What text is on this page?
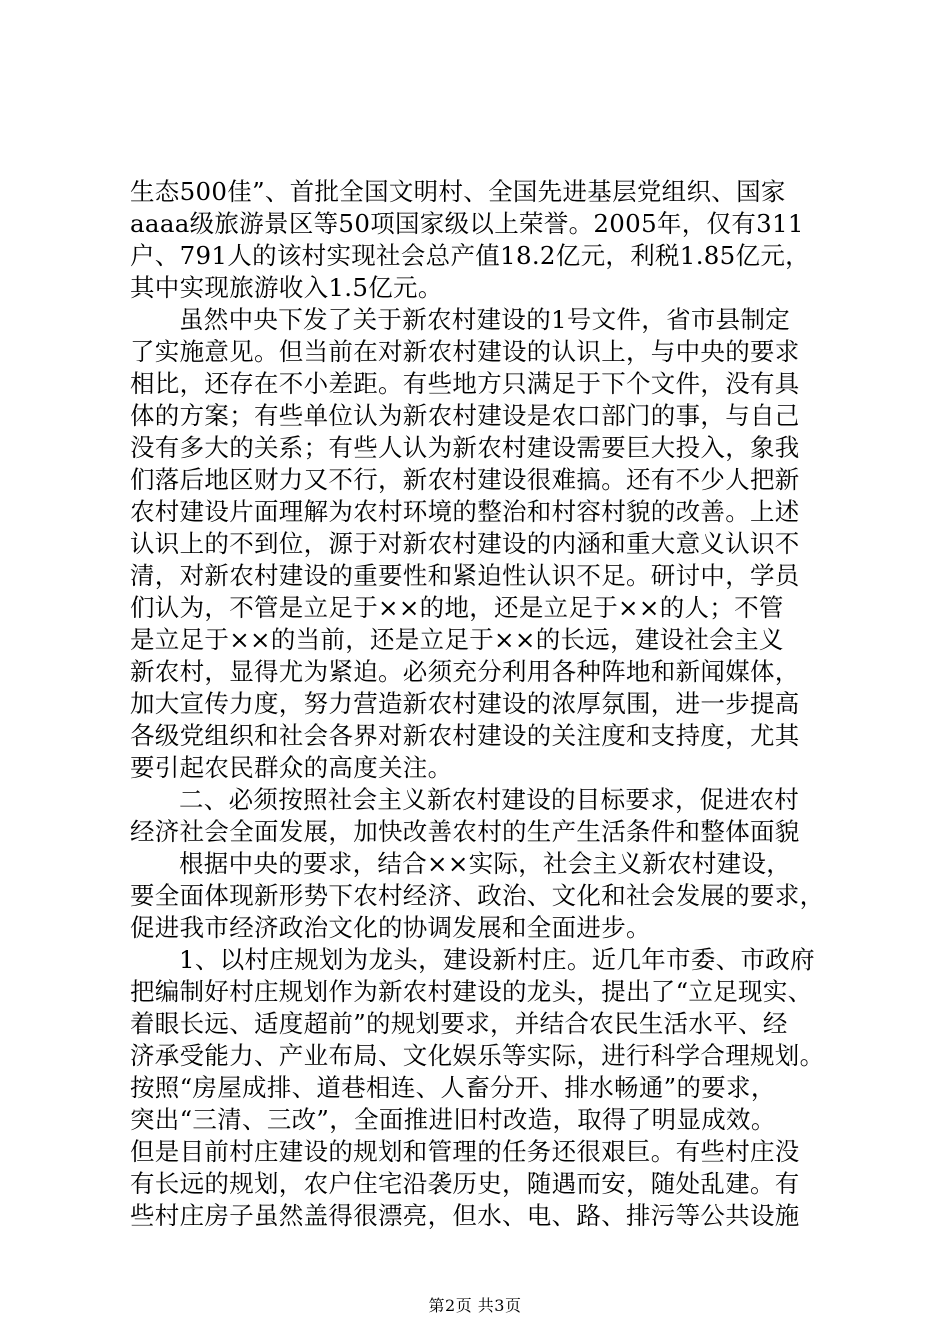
生态500佳”、首批全国文明村、全国先进基层党组织、国家
aaaa级旅游景区等50项国家级以上荣誉。2005年，仅有311
户、791人的该村实现社会总产值18.2亿元，利税1.85亿元，
其中实现旅游收入1.5亿元。
虽然中央下发了关于新农村建设的1号文件，省市县制定
了实施意见。但当前在对新农村建设的认识上，与中央的要求
相比，还存在不小差距。有些地方只满足于下个文件，没有具
体的方案；有些单位认为新农村建设是农口部门的事，与自己
没有多大的关系；有些人认为新农村建设需要巨大投入，象我
们落后地区财力又不行，新农村建设很难搞。还有不少人把新
农村建设片面理解为农村环境的整治和村容村貌的改善。上述
认识上的不到位，源于对新农村建设的内涵和重大意义认识不
清，对新农村建设的重要性和紧迫性认识不足。研讨中，学员
们认为，不管是立足于××的地，还是立足于××的人；不管
是立足于××的当前，还是立足于××的长远，建设社会主义
新农村，显得尤为紧迫。必须充分利用各种阵地和新闻媒体，
加大宣传力度，努力营造新农村建设的浓厚氛围，进一步提高
各级党组织和社会各界对新农村建设的关注度和支持度，尤其
要引起农民群众的高度关注。
二、必须按照社会主义新农村建设的目标要求，促进农村
经济社会全面发展，加快改善农村的生产生活条件和整体面貌
根据中央的要求，结合××实际，社会主义新农村建设，
要全面体现新形势下农村经济、政治、文化和社会发展的要求，
促进我市经济政治文化的协调发展和全面进步。
1、以村庄规划为龙头，建设新村庄。近几年市委、市政府
把编制好村庄规划作为新农村建设的龙头，提出了“立足现实、
着眼长远、适度超前”的规划要求，并结合农民生活水平、经
济承受能力、产业布局、文化娱乐等实际，进行科学合理规划。
按照“房屋成排、道巷相连、人畜分开、排水畅通”的要求，
突出“三清、三改”，全面推进旧村改造，取得了明显成效。
但是目前村庄建设的规划和管理的任务还很艰巨。有些村庄没
有长远的规划，农户住宅沿袭历史，随遇而安，随处乱建。有
些村庄房子虽然盖得很漂亮，但水、电、路、排污等公共设施
第2页 共3页
